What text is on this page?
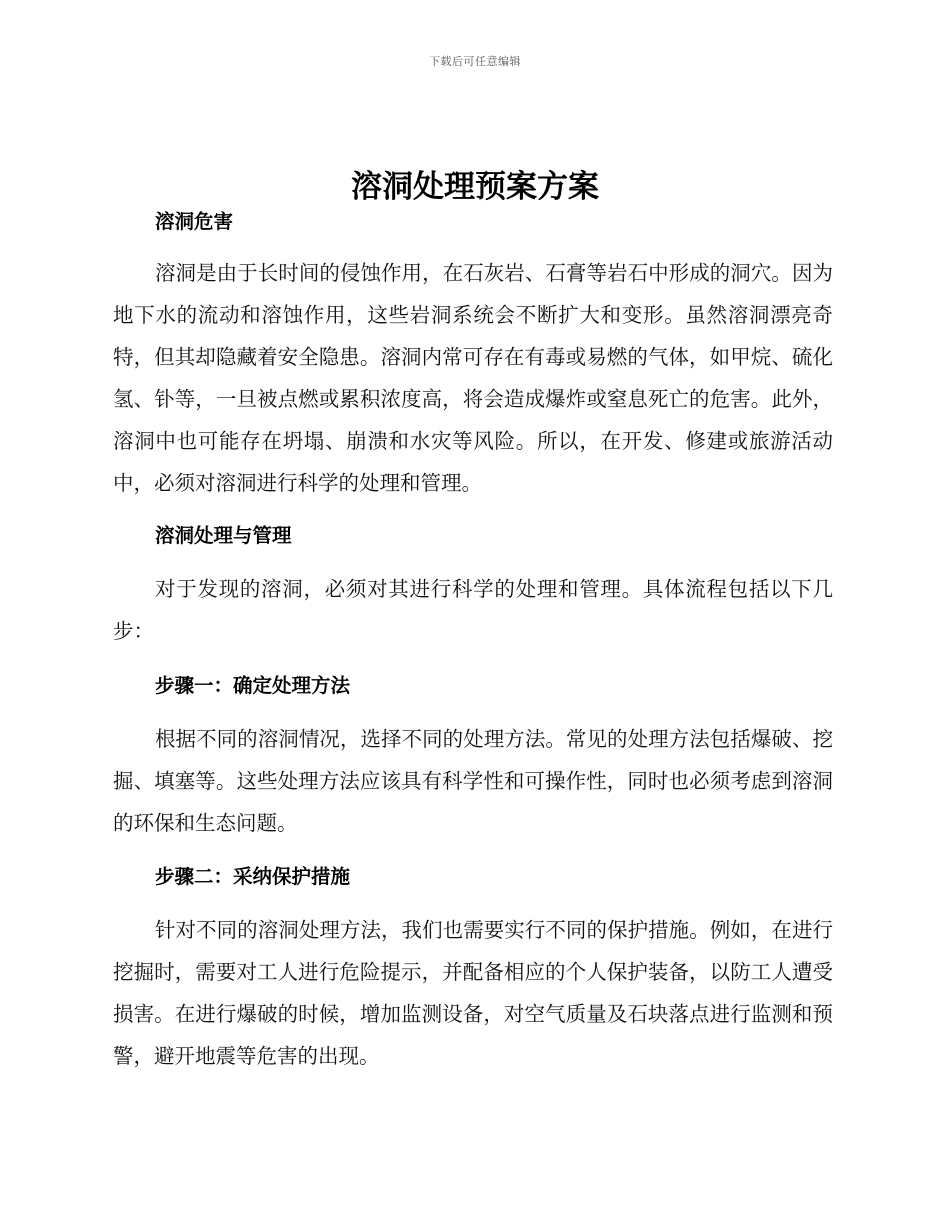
下载后可任意编辑
溶洞处理预案方案
溶洞危害

溶洞是由于长时间的侵蚀作用，在石灰岩、石膏等岩石中形成的洞穴。因为地下水的流动和溶蚀作用，这些岩洞系统会不断扩大和变形。虽然溶洞漂亮奇特，但其却隐藏着安全隐患。溶洞内常可存在有毒或易燃的气体，如甲烷、硫化氢、钋等，一旦被点燃或累积浓度高，将会造成爆炸或窒息死亡的危害。此外，溶洞中也可能存在坍塌、崩溃和水灾等风险。所以，在开发、修建或旅游活动中，必须对溶洞进行科学的处理和管理。

溶洞处理与管理

对于发现的溶洞，必须对其进行科学的处理和管理。具体流程包括以下几步：

步骤一：确定处理方法

根据不同的溶洞情况，选择不同的处理方法。常见的处理方法包括爆破、挖掘、填塞等。这些处理方法应该具有科学性和可操作性，同时也必须考虑到溶洞的环保和生态问题。

步骤二：采纳保护措施

针对不同的溶洞处理方法，我们也需要实行不同的保护措施。例如，在进行挖掘时，需要对工人进行危险提示，并配备相应的个人保护装备，以防工人遭受损害。在进行爆破的时候，增加监测设备，对空气质量及石块落点进行监测和预警，避开地震等危害的出现。
